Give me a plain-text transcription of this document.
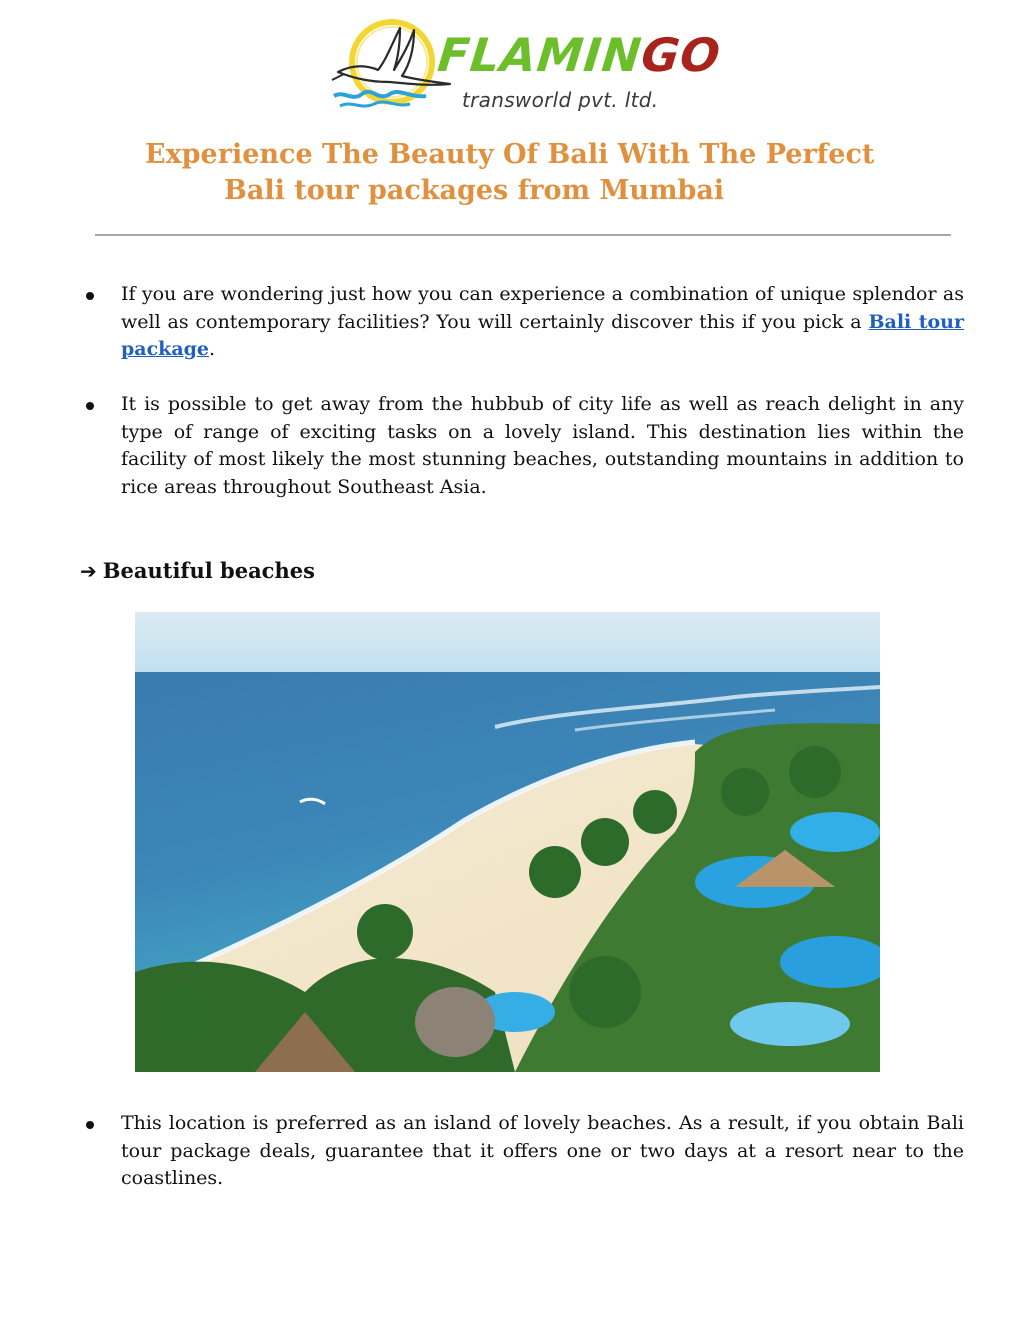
FLAMINGO
transworld pvt. ltd.
Experience The Beauty Of Bali With The Perfect
Bali tour packages from Mumbai
If you are wondering just how you can experience a combination of unique splendor as well as contemporary facilities? You will certainly discover this if you pick a Bali tour package.
It is possible to get away from the hubbub of city life as well as reach delight in any type of range of exciting tasks on a lovely island. This destination lies within the facility of most likely the most stunning beaches, outstanding mountains in addition to rice areas throughout Southeast Asia.
➔ Beautiful beaches
This location is preferred as an island of lovely beaches. As a result, if you obtain Bali tour package deals, guarantee that it offers one or two days at a resort near to the coastlines.
